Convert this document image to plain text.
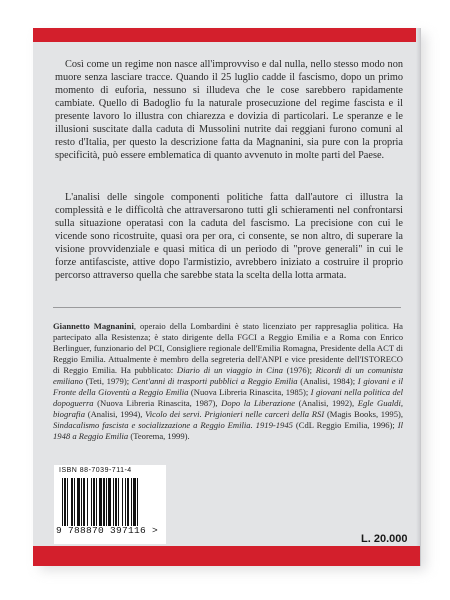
Così come un regime non nasce all'improvviso e dal nulla, nello stesso modo non muore senza lasciare tracce. Quando il 25 luglio cadde il fascismo, dopo un primo momento di euforia, nessuno si illudeva che le cose sarebbero rapidamente cambiate. Quello di Badoglio fu la naturale prosecuzione del regime fascista e il presente lavoro lo illustra con chiarezza e dovizia di particolari. Le speranze e le illusioni suscitate dalla caduta di Mussolini nutrite dai reggiani furono comuni al resto d'Italia, per questo la descrizione fatta da Magnanini, sia pure con la propria specificità, può essere emblematica di quanto avvenuto in molte parti del Paese.

L'analisi delle singole componenti politiche fatta dall'autore ci illustra la complessità e le difficoltà che attraversarono tutti gli schieramenti nel confrontarsi sulla situazione operatasi con la caduta del fascismo. La precisione con cui le vicende sono ricostruite, quasi ora per ora, ci consente, se non altro, di superare la visione provvidenziale e quasi mitica di un periodo di "prove generali" in cui le forze antifasciste, attive dopo l'armistizio, avrebbero iniziato a costruire il proprio percorso attraverso quella che sarebbe stata la scelta della lotta armata.

Giannetto Magnanini, operaio della Lombardini è stato licenziato per rappresaglia politica. Ha partecipato alla Resistenza; è stato dirigente della FGCI a Reggio Emilia e a Roma con Enrico Berlinguer, funzionario del PCI, Consigliere regionale dell'Emilia Romagna, Presidente della ACT di Reggio Emilia. Attualmente è membro della segreteria dell'ANPI e vice presidente dell'ISTORECO di Reggio Emilia. Ha pubblicato: Diario di un viaggio in Cina (1976); Ricordi di un comunista emiliano (Teti, 1979); Cent'anni di trasporti pubblici a Reggio Emilia (Analisi, 1984); I giovani e il Fronte della Gioventù a Reggio Emilia (Nuova Libreria Rinascita, 1985); I giovani nella politica del dopoguerra (Nuova Libreria Rinascita, 1987), Dopo la Liberazione (Analisi, 1992), Egle Gualdi, biografia (Analisi, 1994), Vicolo dei servi. Prigionieri nelle carceri della RSI (Magis Books, 1995), Sindacalismo fascista e socializzazione a Reggio Emilia. 1919-1945 (CdL Reggio Emilia, 1996); Il 1948 a Reggio Emilia (Teorema, 1999).

ISBN 88-7039-711-4
9 788870 397116 >
L. 20.000
